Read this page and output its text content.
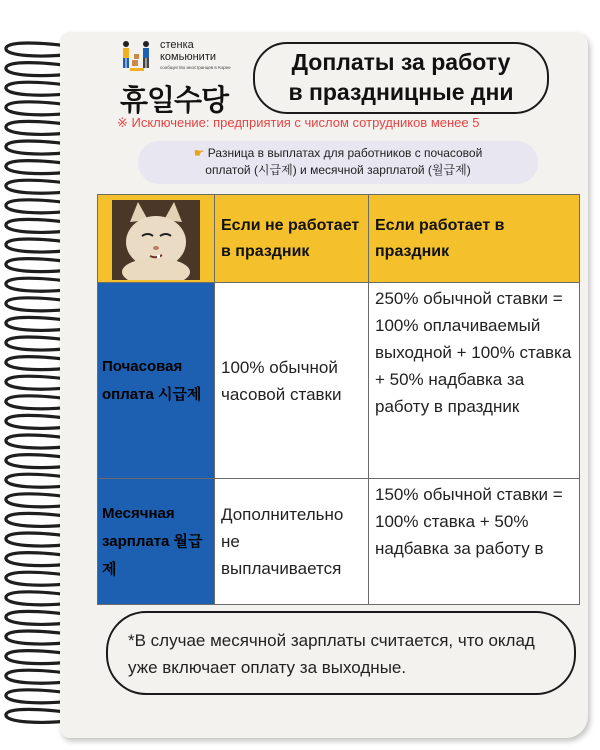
стенка
комьюнити
сообщество иностранцев в Корее
휴일수당
Доплаты за работу
в праздницные дни
※ Исключение: предприятия с числом сотрудников менее 5
☛ Разница в выплатах для работников с почасовой
оплатой (시급제) и месячной зарплатой (월급제)
	Если не работает в праздник	Если работает в праздник
Почасовая оплата 시급제	100% обычной часовой ставки	250% обычной ставки = 100% оплачиваемый выходной + 100% ставка + 50% надбавка за работу в праздник
Месячная зарплата 월급제	Дополнительно не выплачивается	150% обычной ставки = 100% ставка + 50% надбавка за работу в
*В случае месячной зарплаты считается, что оклад уже включает оплату за выходные.
